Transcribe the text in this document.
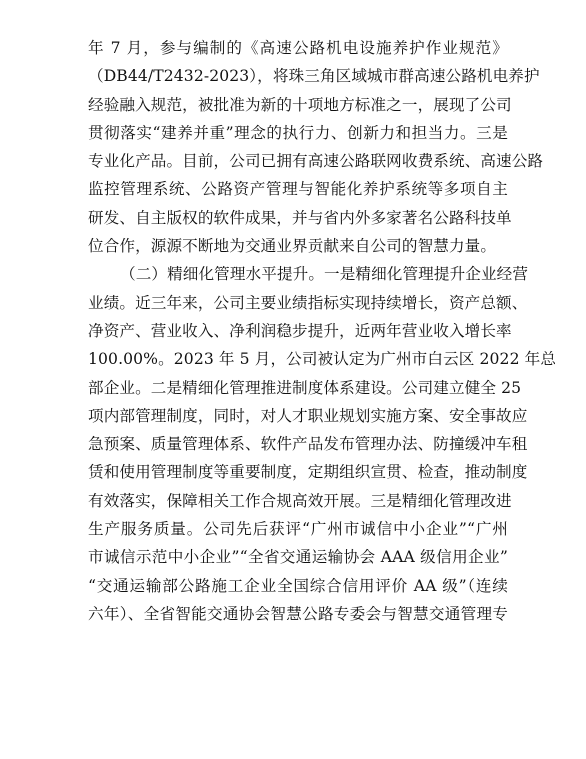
年 7 月，参与编制的《高速公路机电设施养护作业规范》
（DB44/T2432-2023），将珠三角区域城市群高速公路机电养护
经验融入规范，被批准为新的十项地方标准之一，展现了公司
贯彻落实“建养并重”理念的执行力、创新力和担当力。三是
专业化产品。目前，公司已拥有高速公路联网收费系统、高速公路
监控管理系统、公路资产管理与智能化养护系统等多项自主
研发、自主版权的软件成果，并与省内外多家著名公路科技单
位合作，源源不断地为交通业界贡献来自公司的智慧力量。
（二）精细化管理水平提升。一是精细化管理提升企业经营
业绩。近三年来，公司主要业绩指标实现持续增长，资产总额、
净资产、营业收入、净利润稳步提升，近两年营业收入增长率
100.00%。2023 年 5 月，公司被认定为广州市白云区 2022 年总
部企业。二是精细化管理推进制度体系建设。公司建立健全 25
项内部管理制度，同时，对人才职业规划实施方案、安全事故应
急预案、质量管理体系、软件产品发布管理办法、防撞缓冲车租
赁和使用管理制度等重要制度，定期组织宣贯、检查，推动制度
有效落实，保障相关工作合规高效开展。三是精细化管理改进
生产服务质量。公司先后获评“广州市诚信中小企业”“广州
市诚信示范中小企业”“全省交通运输协会 AAA 级信用企业”
“交通运输部公路施工企业全国综合信用评价 AA 级”（连续
六年）、全省智能交通协会智慧公路专委会与智慧交通管理专
